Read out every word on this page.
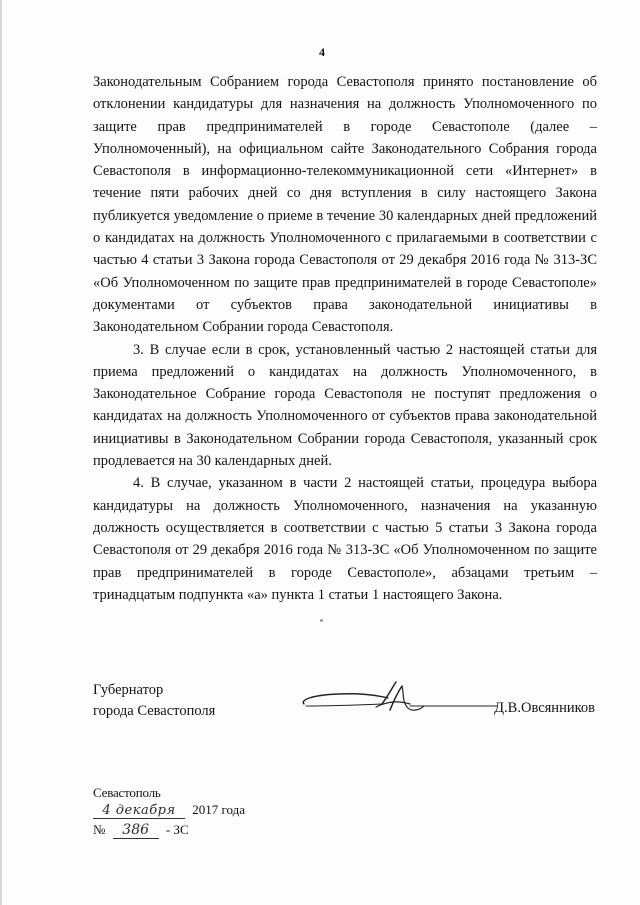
4

Законодательным Собранием города Севастополя принято постановление об отклонении кандидатуры для назначения на должность Уполномоченного по защите прав предпринимателей в городе Севастополе (далее – Уполномоченный), на официальном сайте Законодательного Собрания города Севастополя в информационно-телекоммуникационной сети «Интернет» в течение пяти рабочих дней со дня вступления в силу настоящего Закона публикуется уведомление о приеме в течение 30 календарных дней предложений о кандидатах на должность Уполномоченного с прилагаемыми в соответствии с частью 4 статьи 3 Закона города Севастополя от 29 декабря 2016 года № 313-ЗС «Об Уполномоченном по защите прав предпринимателей в городе Севастополе» документами от субъектов права законодательной инициативы в Законодательном Собрании города Севастополя.

3. В случае если в срок, установленный частью 2 настоящей статьи для приема предложений о кандидатах на должность Уполномоченного, в Законодательное Собрание города Севастополя не поступят предложения о кандидатах на должность Уполномоченного от субъектов права законодательной инициативы в Законодательном Собрании города Севастополя, указанный срок продлевается на 30 календарных дней.

4. В случае, указанном в части 2 настоящей статьи, процедура выбора кандидатуры на должность Уполномоченного, назначения на указанную должность осуществляется в соответствии с частью 5 статьи 3 Закона города Севастополя от 29 декабря 2016 года № 313-ЗС «Об Уполномоченном по защите прав предпринимателей в городе Севастополе», абзацами третьим – тринадцатым подпункта «а» пункта 1 статьи 1 настоящего Закона.

Губернатор
города Севастополя	Д.В.Овсянников
Севастополь
4 декабря 2017 года
№ 386 - ЗС
